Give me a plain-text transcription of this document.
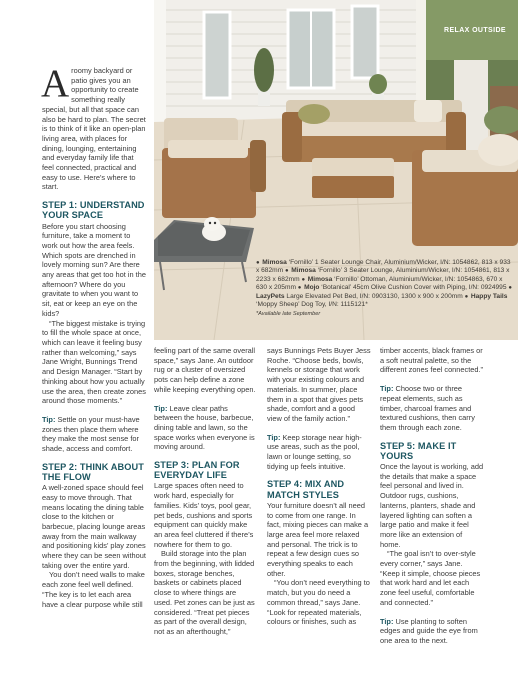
RELAX OUTSIDE
● Mimosa ‘Fornillo’ 1 Seater Lounge Chair, Aluminium/Wicker, I/N: 1054862, 813 x 933 x 682mm ● Mimosa ‘Fornillo’ 3 Seater Lounge, Aluminium/Wicker, I/N: 1054861, 813 x 2233 x 682mm ● Mimosa ‘Fornillo’ Ottoman, Aluminium/Wicker, I/N: 1054863, 670 x 630 x 205mm ● Mojo ‘Botanical’ 45cm Olive Cushion Cover with Piping, I/N: 0924995 ● LazyPets Large Elevated Pet Bed, I/N: 0903130, 1300 x 900 x 200mm ● Happy Tails ‘Moppy Sheep’ Dog Toy, I/N: 1115121*
*Available late September

Aroomy backyard or patio gives you an opportunity to create something really special, but all that space can also be hard to plan. The secret is to think of it like an open-plan living area, with places for dining, lounging, entertaining and everyday family life that feel connected, practical and easy to use. Here’s where to start.

STEP 1: UNDERSTAND YOUR SPACE

Before you start choosing furniture, take a moment to work out how the area feels. Which spots are drenched in lovely morning sun? Are there any areas that get too hot in the afternoon? Where do you gravitate to when you want to sit, eat or keep an eye on the kids?

“The biggest mistake is trying to fill the whole space at once, which can leave it feeling busy rather than welcoming,” says Jane Wright, Bunnings Trend and Design Manager. “Start by thinking about how you actually use the area, then create zones around those moments.”

Tip: Settle on your must-have zones then place them where they make the most sense for shade, access and comfort.

STEP 2: THINK ABOUT THE FLOW

A well-zoned space should feel easy to move through. That means locating the dining table close to the kitchen or barbecue, placing lounge areas away from the main walkway and positioning kids’ play zones where they can be seen without taking over the entire yard.

You don’t need walls to make each zone feel well defined. “The key is to let each area have a clear purpose while still

feeling part of the same overall space,” says Jane. An outdoor rug or a cluster of oversized pots can help define a zone while keeping everything open.

Tip: Leave clear paths between the house, barbecue, dining table and lawn, so the space works when everyone is moving around.

STEP 3: PLAN FOR EVERYDAY LIFE

Large spaces often need to work hard, especially for families. Kids’ toys, pool gear, pet beds, cushions and sports equipment can quickly make an area feel cluttered if there’s nowhere for them to go.

Build storage into the plan from the beginning, with lidded boxes, storage benches, baskets or cabinets placed close to where things are used. Pet zones can be just as considered. “Treat pet pieces as part of the overall design, not as an afterthought,”

says Bunnings Pets Buyer Jess Roche. “Choose beds, bowls, kennels or storage that work with your existing colours and materials. In summer, place them in a spot that gives pets shade, comfort and a good view of the family action.”

Tip: Keep storage near high-use areas, such as the pool, lawn or lounge setting, so tidying up feels intuitive.

STEP 4: MIX AND MATCH STYLES

Your furniture doesn’t all need to come from one range. In fact, mixing pieces can make a large area feel more relaxed and personal. The trick is to repeat a few design cues so everything speaks to each other.

“You don’t need everything to match, but you do need a common thread,” says Jane. “Look for repeated materials, colours or finishes, such as

timber accents, black frames or a soft neutral palette, so the different zones feel connected.”

Tip: Choose two or three repeat elements, such as timber, charcoal frames and textured cushions, then carry them through each zone.

STEP 5: MAKE IT YOURS

Once the layout is working, add the details that make a space feel personal and lived in. Outdoor rugs, cushions, lanterns, planters, shade and layered lighting can soften a large patio and make it feel more like an extension of home.

“The goal isn’t to over-style every corner,” says Jane. “Keep it simple, choose pieces that work hard and let each zone feel useful, comfortable and connected.”

Tip: Use planting to soften edges and guide the eye from one area to the next.
